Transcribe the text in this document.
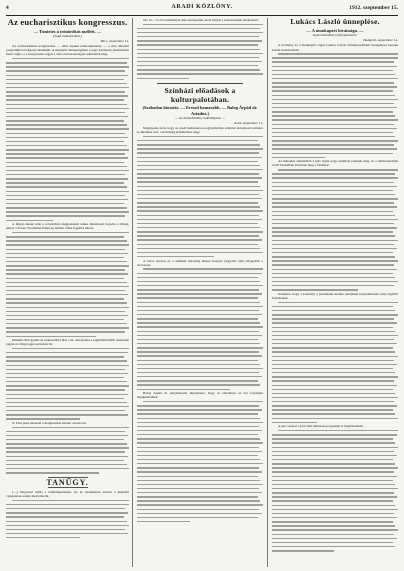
4	ARADI KÖZLÖNY.	1912. szeptember 15.

Az eucharisztikus kongresszus.

— Tüntetés a trónörökös mellett. —

(Saját tudósítónktól.)

Bécs, szeptember 14.

Az eucharisztikus kongresszus — mint lapunk telefonjelentése — a mai délutáni programmon befejezte munkáját. A megnyitó ünnepségeken a nagy közönség jelenlétében ment végbe, s a kongresszus tagjai a város nevezetességeit tekintették meg.

A fényes menet után a trónörökös megjelenését lelkes tüntetéssel fogadta a tömeg, amely a Ferenc Ferdinánd főherceg mellett állást foglalva éltette.

Délután több gyűlés és szakosztályi ülés volt, amelyeken a legkülönbözőbb nemzetek papjai és világi tagjai szólaltak fel.

X. Pius pápa üzenetét a kongresszus elnöke olvasta fel.

TANÜGY.

(—) Szigorlati újítás a tanítóképzőkben. Az új rendelkezés szerint a képesítő vizsgálatok rendje megváltozik.

tárt 13—15 évi eredményei után szerepeltek, most hívjuk a szerencsének elérkezését.

Színházi előadások a kulturpalotában.

(Szabadon kiosztás. — Ereszd hamarabb. — Balog Árpád dr. Ariadne.)

— Az Aradi Közlöny tudósítójától. —

Arad, szeptember 14.

Meglepetés után, hogy az aradi kulturpalota nagytermében színházi előadások tartására is alkalmas lesz, a közönség érdeklődése nagy.

A város tanácsa és a színházi bizottság ülésén hosszas tárgyalás után elfogadták a tervezetet.

Balog Árpád dr. polgármester kijelentette, hogy az előadások az ősz folyamán megkezdődnek.

Lukács László ünneplése.

— A munkapárt kívánsága. —

Saját tudósítónk telefonjelentése.

Budapest, szeptember 14.

A kormány és a munkapárt tagjai Lukács László miniszterelnököt ünnepélyes keretek között köszöntötték.

Az ünneplés alkalmából a párt tagjai nagy számban jelentek meg, és a miniszterelnök rövid beszédben köszönte meg a bizalmat.

Kiemelte, hogy a kormány a parlamenti munka rendjének helyreállítását tartja legfőbb feladatának.

A párt vezérei a jövő heti ülésszak programját is megbeszélték.
